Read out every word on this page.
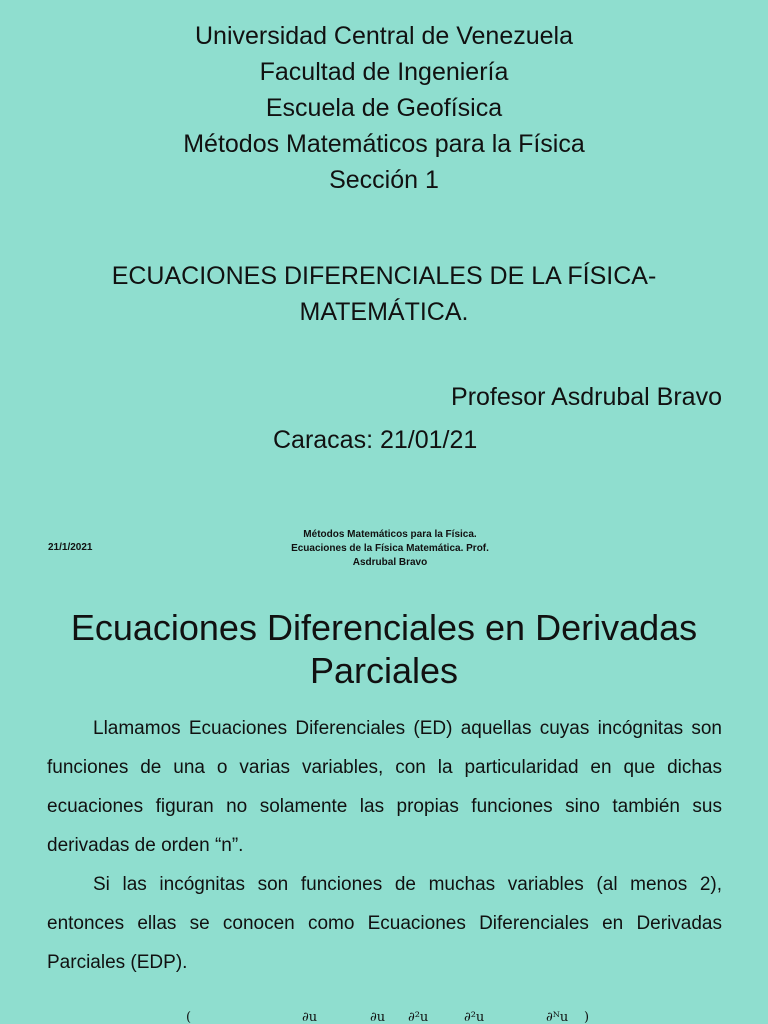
Universidad Central de Venezuela
Facultad de Ingeniería
Escuela de Geofísica
Métodos Matemáticos para la Física
Sección 1
ECUACIONES DIFERENCIALES DE LA FÍSICA-
MATEMÁTICA.
Profesor Asdrubal Bravo
Caracas: 21/01/21
21/1/2021
Métodos Matemáticos para la Física.
Ecuaciones de la Física Matemática. Prof.
Asdrubal Bravo
Ecuaciones Diferenciales en Derivadas
Parciales

Llamamos Ecuaciones Diferenciales (ED) aquellas cuyas incógnitas son funciones de una o varias variables, con la particularidad en que dichas ecuaciones figuran no solamente las propias funciones sino también sus derivadas de orden “n”.

Si las incógnitas son funciones de muchas variables (al menos 2), entonces ellas se conocen como Ecuaciones Diferenciales en Derivadas Parciales (EDP).

(	∂u	∂u ∂²u	∂²u	∂ᴺu )
